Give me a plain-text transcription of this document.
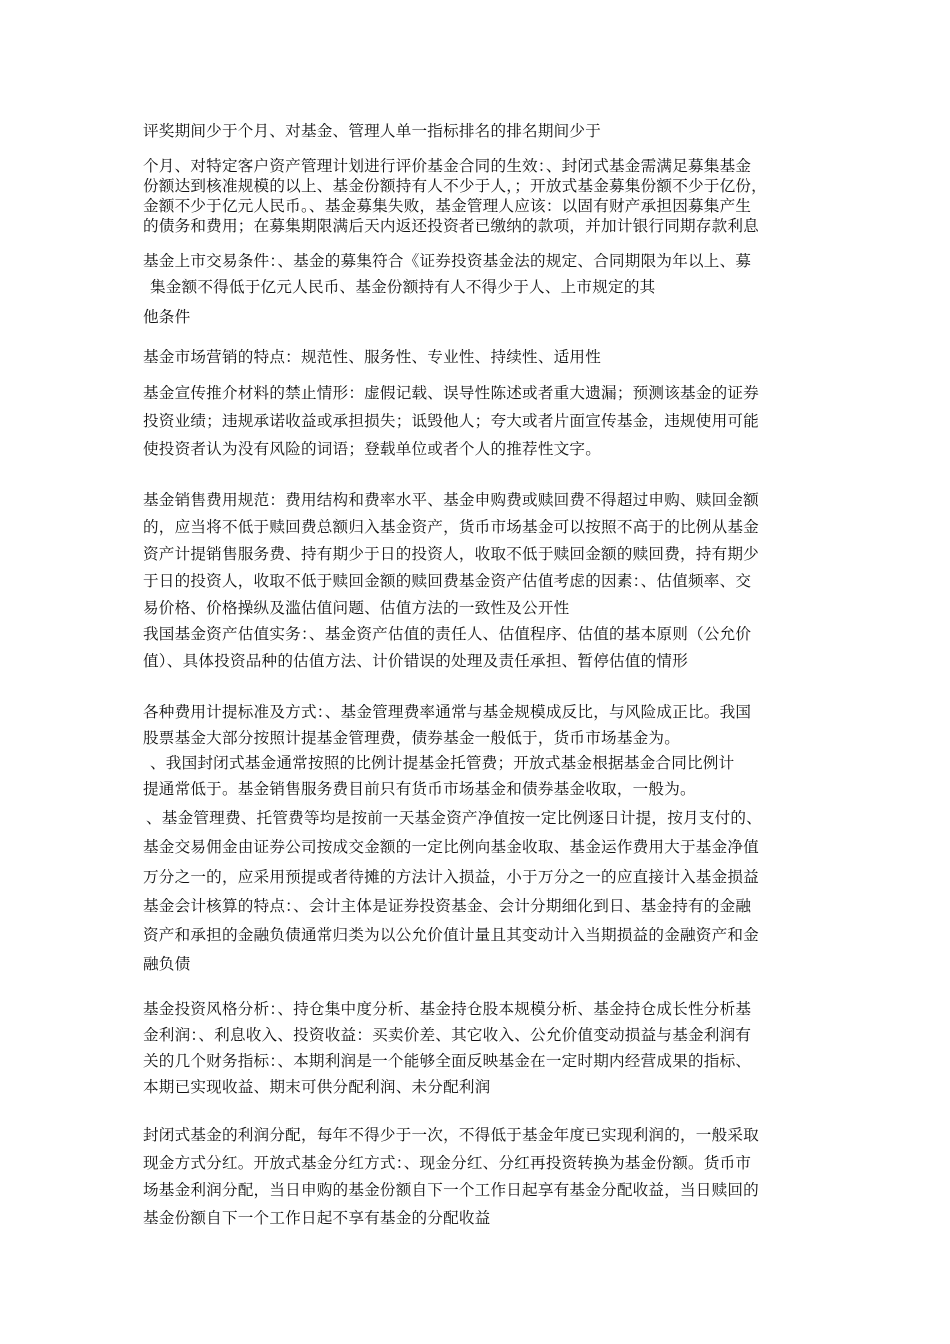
评奖期间少于个月、对基金、管理人单一指标排名的排名期间少于
个月、对特定客户资产管理计划进行评价基金合同的生效：、封闭式基金需满足募集基金
份额达到核准规模的以上、基金份额持有人不少于人，；开放式基金募集份额不少于亿份，
金额不少于亿元人民币。、基金募集失败，基金管理人应该：以固有财产承担因募集产生
的债务和费用；在募集期限满后天内返还投资者已缴纳的款项，并加计银行同期存款利息
基金上市交易条件：、基金的募集符合《证券投资基金法的规定、合同期限为年以上、募
集金额不得低于亿元人民币、基金份额持有人不得少于人、上市规定的其
他条件
基金市场营销的特点：规范性、服务性、专业性、持续性、适用性
基金宣传推介材料的禁止情形：虚假记载、误导性陈述或者重大遗漏；预测该基金的证券
投资业绩；违规承诺收益或承担损失；诋毁他人；夸大或者片面宣传基金，违规使用可能
使投资者认为没有风险的词语；登载单位或者个人的推荐性文字。
基金销售费用规范：费用结构和费率水平、基金申购费或赎回费不得超过申购、赎回金额
的，应当将不低于赎回费总额归入基金资产，货币市场基金可以按照不高于的比例从基金
资产计提销售服务费、持有期少于日的投资人，收取不低于赎回金额的赎回费，持有期少
于日的投资人，收取不低于赎回金额的赎回费基金资产估值考虑的因素：、估值频率、交
易价格、价格操纵及滥估值问题、估值方法的一致性及公开性
我国基金资产估值实务：、基金资产估值的责任人、估值程序、估值的基本原则（公允价
值）、具体投资品种的估值方法、计价错误的处理及责任承担、暂停估值的情形
各种费用计提标准及方式：、基金管理费率通常与基金规模成反比，与风险成正比。我国
股票基金大部分按照计提基金管理费，债券基金一般低于，货币市场基金为。
、我国封闭式基金通常按照的比例计提基金托管费；开放式基金根据基金合同比例计
提通常低于。基金销售服务费目前只有货币市场基金和债券基金收取，一般为。
、基金管理费、托管费等均是按前一天基金资产净值按一定比例逐日计提，按月支付的、
基金交易佣金由证券公司按成交金额的一定比例向基金收取、基金运作费用大于基金净值
万分之一的，应采用预提或者待摊的方法计入损益，小于万分之一的应直接计入基金损益
基金会计核算的特点：、会计主体是证券投资基金、会计分期细化到日、基金持有的金融
资产和承担的金融负债通常归类为以公允价值计量且其变动计入当期损益的金融资产和金
融负债
基金投资风格分析：、持仓集中度分析、基金持仓股本规模分析、基金持仓成长性分析基
金利润：、利息收入、投资收益：买卖价差、其它收入、公允价值变动损益与基金利润有
关的几个财务指标：、本期利润是一个能够全面反映基金在一定时期内经营成果的指标、
本期已实现收益、期末可供分配利润、未分配利润
封闭式基金的利润分配，每年不得少于一次，不得低于基金年度已实现利润的，一般采取
现金方式分红。开放式基金分红方式：、现金分红、分红再投资转换为基金份额。货币市
场基金利润分配，当日申购的基金份额自下一个工作日起享有基金分配收益，当日赎回的
基金份额自下一个工作日起不享有基金的分配收益
